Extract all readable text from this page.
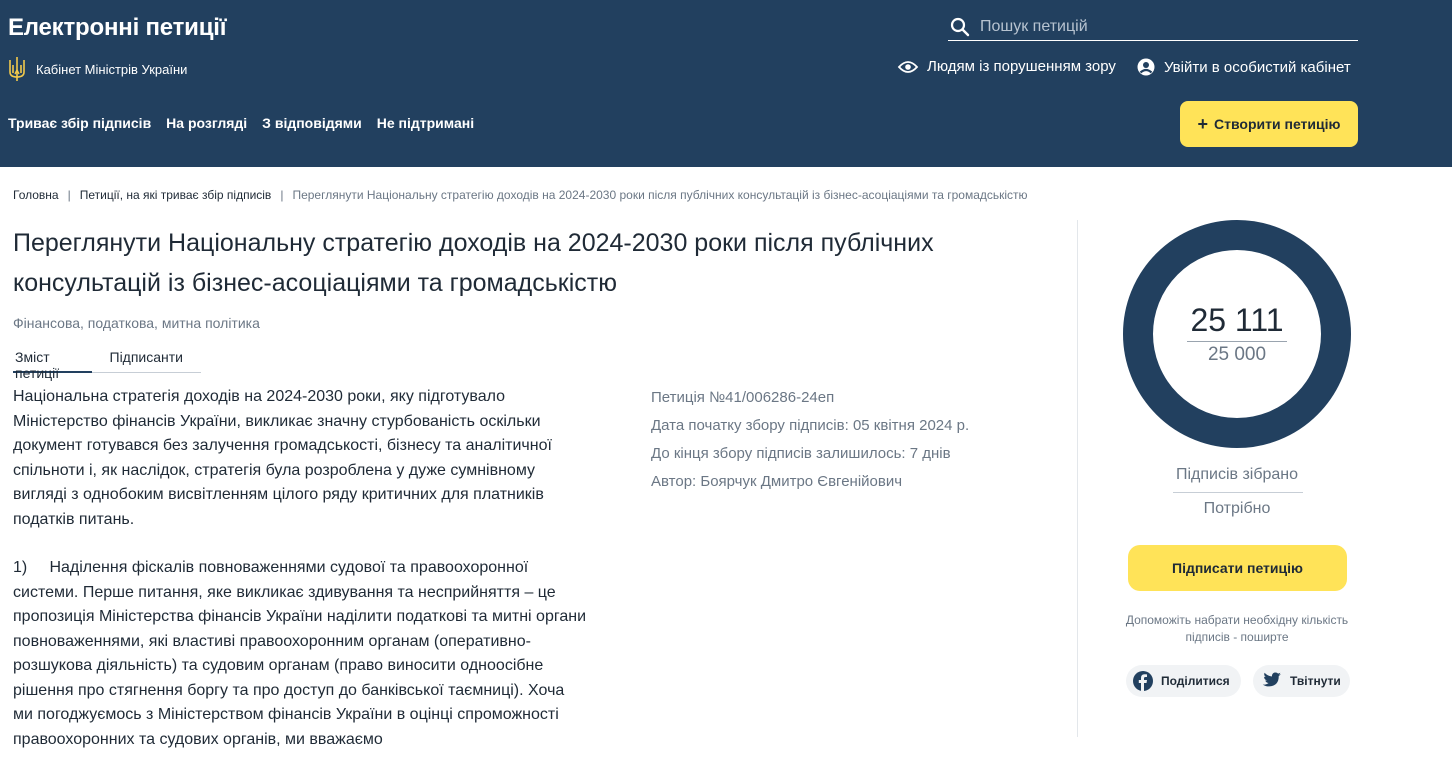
Електронні петиції
Кабінет Міністрів України
Пошук петицій	Людям із порушенням зору	Увійти в особистий кабінет
Триває збір підписів На розгляді З відповідями Не підтримані	+ Створити петицію
Головна | Петиції, на які триває збір підписів | Переглянути Національну стратегію доходів на 2024-2030 роки після публічних консультацій із бізнес-асоціаціями та громадськістю
Переглянути Національну стратегію доходів на 2024-2030 роки після публічних консультацій із бізнес-асоціаціями та громадськістю
Фінансова, податкова, митна політика
Зміст петиції
Підписанти

Національна стратегія доходів на 2024-2030 роки, яку підготувало Міністерство фінансів України, викликає значну стурбованість оскільки документ готувався без залучення громадськості, бізнесу та аналітичної спільноти і, як наслідок, стратегія була розроблена у дуже сумнівному вигляді з однобоким висвітленням цілого ряду критичних для платників податків питань.

1)     Наділення фіскалів повноваженнями судової та правоохоронної системи. Перше питання, яке викликає здивування та несприйняття – це пропозиція Міністерства фінансів України наділити податкові та митні органи повноваженнями, які властиві правоохоронним органам (оперативно-розшукова діяльність) та судовим органам (право виносити одноосібне рішення про стягнення боргу та про доступ до банківської таємниці). Хоча ми погоджуємось з Міністерством фінансів України в оцінці спроможності правоохоронних та судових органів, ми вважаємо

Петиція №41/006286-24еп
Дата початку збору підписів: 05 квітня 2024 р.
До кінця збору підписів залишилось: 7 днів
Автор: Боярчук Дмитро Євгенійович
25 111
25 000
Підписів зібрано
Потрібно
Підписати петицію
Допоможіть набрати необхідну кількість підписів - поширте
Поділитися	Твітнути
